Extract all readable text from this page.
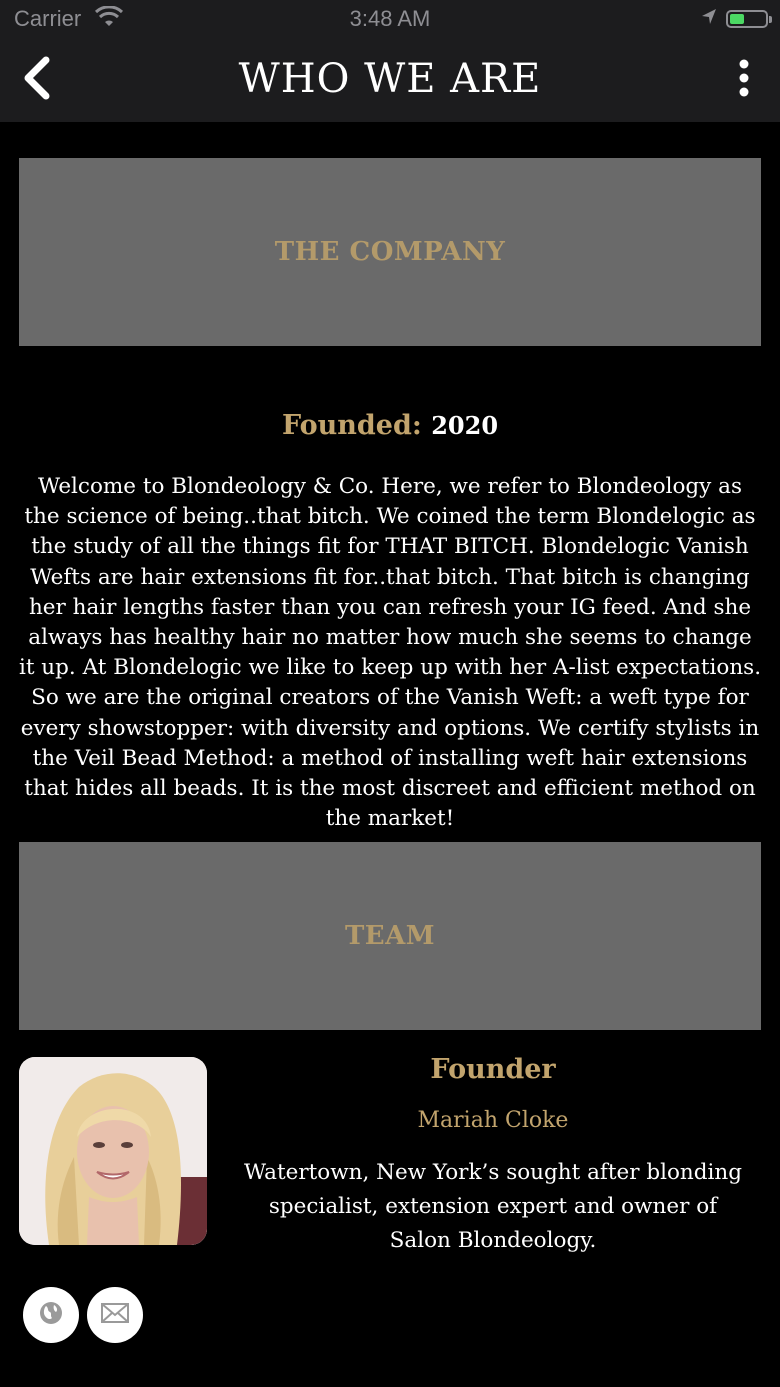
Carrier	3:48 AM
WHO WE ARE
THE COMPANY
Founded: 2020
Welcome to Blondeology & Co. Here, we refer to Blondeology as the science of being..that bitch. We coined the term Blondelogic as the study of all the things fit for THAT BITCH. Blondelogic Vanish Wefts are hair extensions fit for..that bitch. That bitch is changing her hair lengths faster than you can refresh your IG feed. And she always has healthy hair no matter how much she seems to change it up. At Blondelogic we like to keep up with her A-list expectations. So we are the original creators of the Vanish Weft: a weft type for every showstopper: with diversity and options. We certify stylists in the Veil Bead Method: a method of installing weft hair extensions that hides all beads. It is the most discreet and efficient method on the market!
TEAM
Founder
Mariah Cloke
Watertown, New York’s sought after blonding specialist, extension expert and owner of Salon Blondeology.
